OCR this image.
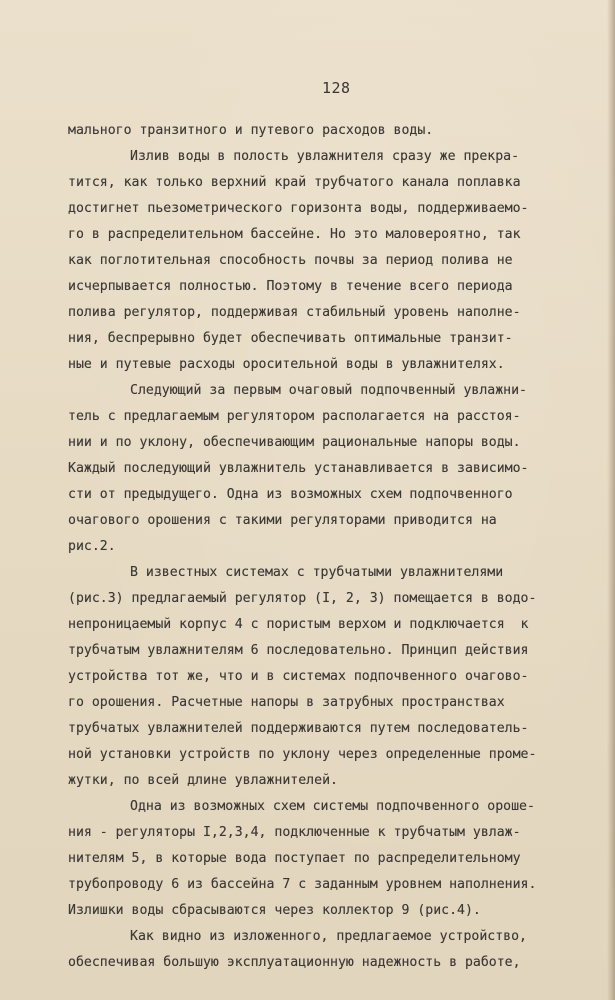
128
мального транзитного и путевого расходов воды.
Излив воды в полость увлажнителя сразу же прекра-
тится, как только верхний край трубчатого канала поплавка
достигнет пьезометрического горизонта воды, поддерживаемо-
го в распределительном бассейне. Но это маловероятно, так
как поглотительная способность почвы за период полива не
исчерпывается полностью. Поэтому в течение всего периода
полива регулятор, поддерживая стабильный уровень наполне-
ния, беспрерывно будет обеспечивать оптимальные транзит-
ные и путевые расходы оросительной воды в увлажнителях.
Следующий за первым очаговый подпочвенный увлажни-
тель с предлагаемым регулятором располагается на расстоя-
нии и по уклону, обеспечивающим рациональные напоры воды.
Каждый последующий увлажнитель устанавливается в зависимо-
сти от предыдущего. Одна из возможных схем подпочвенного
очагового орошения с такими регуляторами приводится на
рис.2.
В известных системах с трубчатыми увлажнителями
(рис.3) предлагаемый регулятор (I, 2, 3) помещается в водо-
непроницаемый корпус 4 с пористым верхом и подключается  к
трубчатым увлажнителям 6 последовательно. Принцип действия
устройства тот же, что и в системах подпочвенного очагово-
го орошения. Расчетные напоры в затрубных пространствах
трубчатых увлажнителей поддерживаются путем последователь-
ной установки устройств по уклону через определенные проме-
жутки, по всей длине увлажнителей.
Одна из возможных схем системы подпочвенного ороше-
ния - регуляторы I,2,3,4, подключенные к трубчатым увлаж-
нителям 5, в которые вода поступает по распределительному
трубопроводу 6 из бассейна 7 с заданным уровнем наполнения.
Излишки воды сбрасываются через коллектор 9 (рис.4).
Как видно из изложенного, предлагаемое устройство,
обеспечивая большую эксплуатационную надежность в работе,
